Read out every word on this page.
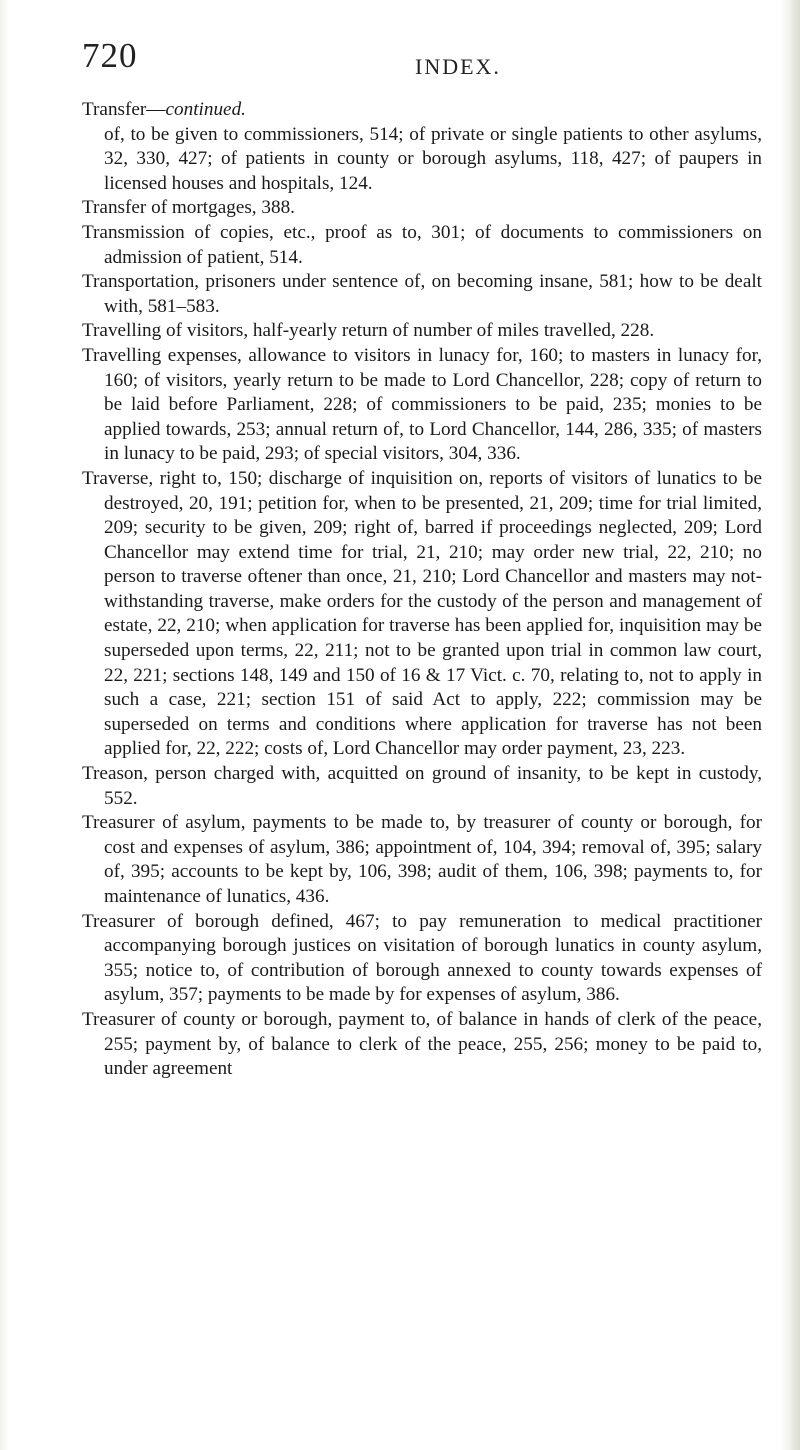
720	INDEX.

Transfer—continued.
of, to be given to commissioners, 514; of private or single patients to other asylums, 32, 330, 427; of patients in county or borough asylums, 118, 427; of paupers in licensed houses and hospitals, 124.

Transfer of mortgages, 388.

Transmission of copies, etc., proof as to, 301; of documents to commissioners on admission of patient, 514.

Transportation, prisoners under sentence of, on becoming insane, 581; how to be dealt with, 581–583.

Travelling of visitors, half-yearly return of number of miles travelled, 228.

Travelling expenses, allowance to visitors in lunacy for, 160; to masters in lunacy for, 160; of visitors, yearly return to be made to Lord Chancellor, 228; copy of return to be laid before Parliament, 228; of commissioners to be paid, 235; monies to be applied towards, 253; annual return of, to Lord Chancellor, 144, 286, 335; of masters in lunacy to be paid, 293; of special visitors, 304, 336.

Traverse, right to, 150; discharge of inquisition on, reports of visitors of lunatics to be destroyed, 20, 191; petition for, when to be presented, 21, 209; time for trial limited, 209; security to be given, 209; right of, barred if proceedings neglected, 209; Lord Chancellor may extend time for trial, 21, 210; may order new trial, 22, 210; no person to traverse oftener than once, 21, 210; Lord Chancellor and masters may not-withstanding traverse, make orders for the custody of the person and management of estate, 22, 210; when application for traverse has been applied for, inquisition may be superseded upon terms, 22, 211; not to be granted upon trial in common law court, 22, 221; sections 148, 149 and 150 of 16 & 17 Vict. c. 70, relating to, not to apply in such a case, 221; section 151 of said Act to apply, 222; commission may be superseded on terms and conditions where application for traverse has not been applied for, 22, 222; costs of, Lord Chancellor may order payment, 23, 223.

Treason, person charged with, acquitted on ground of insanity, to be kept in custody, 552.

Treasurer of asylum, payments to be made to, by treasurer of county or borough, for cost and expenses of asylum, 386; appointment of, 104, 394; removal of, 395; salary of, 395; accounts to be kept by, 106, 398; audit of them, 106, 398; payments to, for maintenance of lunatics, 436.

Treasurer of borough defined, 467; to pay remuneration to medical practitioner accompanying borough justices on visitation of borough lunatics in county asylum, 355; notice to, of contribution of borough annexed to county towards expenses of asylum, 357; payments to be made by for expenses of asylum, 386.

Treasurer of county or borough, payment to, of balance in hands of clerk of the peace, 255; payment by, of balance to clerk of the peace, 255, 256; money to be paid to, under agreement
